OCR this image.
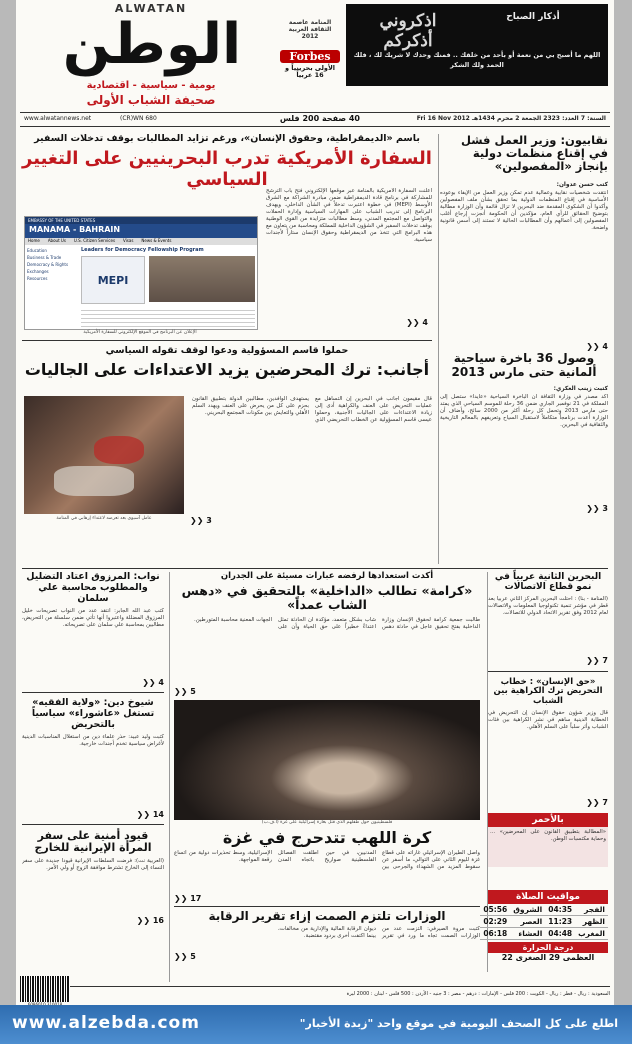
أذكار الصباح
اذكروني أذكركم
اللهم ما أصبح بي من نعمة أو بأحد من خلقك .. فمنك وحدك لا شريك لك ، فلك الحمد ولك الشكر
المنامة عاصمة الثقافة العربية 2012
Forbes
الأولى بحرينياً و 16 عربياً
ALWATAN
الوطن
يومية - سياسية - اقتصادية
صحيفة الشباب الأولى
السنة: 7 العدد: 2323 الجمعة 2 محرم 1434هـ Fri 16 Nov 2012
40 صفحة 200 فلس
(CR)WN 680
www.alwatannews.net
نقابيون: وزير العمل فشل في إقناع منظمات دولية بإنجاز «المفصولين»
كتب حسن عدوان:
انتقدت شخصيات نقابية وعمالية عدم تمكن وزير العمل من الإيفاء بوعوده الأساسية في إقناع المنظمات الدولية بما تحقق بشأن ملف المفصولين وأكدوا أن الشكوى المقدمة ضد البحرين لا تزال قائمة وأن الوزارة مطالبة بتوضيح الحقائق للرأي العام، مؤكدين أن الحكومة أنجزت إرجاع أغلب المفصولين إلى أعمالهم وأن المطالبات الحالية لا تستند إلى أسس قانونية واضحة.
4 ❮❮
باسم «الديمقراطية، وحقوق الإنسان»، ورغم تزايد المطالبات بوقف تدخلات السفير
السفارة الأمريكية تدرب البحرينيين على التغيير السياسي
أعلنت السفارة الأمريكية بالمنامة عبر موقعها الإلكتروني فتح باب الترشح للمشاركة في برنامج قادة الديمقراطية ضمن مبادرة الشراكة مع الشرق الأوسط (MEPI) في خطوة اعتبرت تدخلاً في الشأن الداخلي. ويهدف البرنامج إلى تدريب الشباب على المهارات السياسية وإدارة الحملات والتواصل مع المجتمع المدني، وسط مطالبات متزايدة من القوى الوطنية بوقف تدخلات السفير في الشؤون الداخلية للمملكة ومحاسبة من يتعاون مع هذه البرامج التي تتخذ من الديمقراطية وحقوق الإنسان ستاراً لأجندات سياسية.
EMBASSY OF THE UNITED STATES
MANAMA - BAHRAIN
Home About Us U.S. Citizen Services Visas News & Events
Education
Business & Trade
Democracy & Rights
Exchanges
Resources
Leaders for Democracy Fellowship Program
MEPI
الإعلان عن البرنامج في الموقع الإلكتروني للسفارة الأمريكية
4 ❮❮
وصول 36 باخرة سياحية ألمانية حتى مارس 2013
كتبت زينب العكري:
أكد مصدر في وزارة الثقافة أن الباخرة السياحية «عايدا» ستصل إلى المملكة في 21 نوفمبر الجاري ضمن 36 رحلة للموسم السياحي الذي يمتد حتى مارس 2013 وتحمل كل رحلة أكثر من 2000 سائح، وأضاف أن الوزارة أعدت برنامجاً متكاملاً لاستقبال السياح وتعريفهم بالمعالم التاريخية والثقافية في البحرين.
3 ❮❮
حملوا قاسم المسؤولية ودعوا لوقف تقوله السياسي
أجانب: ترك المحرضين يزيد الاعتداءات على الجاليات
قال مقيمون أجانب في البحرين إن التساهل مع عمليات التحريض على العنف والكراهية أدى إلى زيادة الاعتداءات على الجاليات الأجنبية، وحملوا عيسى قاسم المسؤولية عن الخطاب التحريضي الذي يستهدف الوافدين، مطالبين الدولة بتطبيق القانون بحزم على كل من يحرض على العنف ويهدد السلم الأهلي والتعايش بين مكونات المجتمع البحريني.
عامل آسيوي بعد تعرضه لاعتداء إرهابي في المنامة	3 ❮❮
البحرين الثانية عربياً في نمو قطاع الاتصالات
(المنامة - بنا) : احتلت البحرين المركز الثاني عربياً بعد قطر في مؤشر تنمية تكنولوجيا المعلومات والاتصالات لعام 2012 وفق تقرير الاتحاد الدولي للاتصالات.
7 ❮❮
«حق الإنسان» : خطاب التحريض ترك الكراهية بين الشباب
قال وزير شؤون حقوق الإنسان إن التحريض في الخطابة الدينية ساهم في نشر الكراهية بين فئات الشباب وأثر سلباً على السلم الأهلي.
7 ❮❮
بالأحمر
«المطالبة بتطبيق القانون على المحرضين» ... وحماية مكتسبات الوطن.
مواقيت الصلاة
الفجر	04:35	الشروق	05:56
الظهر	11:23	العصر	02:29
المغرب	04:48	العشاء	06:18
درجة الحرارة
العظمى 29 الصغرى 22
أكدت استعدادها لرفضه عبارات مسيئة على الجدران
«كرامة» تطالب «الداخلية» بالتحقيق في «دهس الشاب عمداً»
طالبت جمعية كرامة لحقوق الإنسان وزارة الداخلية بفتح تحقيق عاجل في حادثة دهس شاب بشكل متعمد، مؤكدة أن الحادثة تمثل اعتداءً خطيراً على حق الحياة وأن على الجهات المعنية محاسبة المتورطين.
5 ❮❮
فلسطينيون حول طفلهم الذي قتل بغارة إسرائيلية على غزة (أ.ف.ب)
كرة اللهب تتدحرج في غزة
واصل الطيران الإسرائيلي غاراته على قطاع غزة لليوم الثاني على التوالي، ما أسفر عن سقوط المزيد من الشهداء والجرحى بين المدنيين، في حين أطلقت الفصائل الفلسطينية صواريخ باتجاه المدن الإسرائيلية، وسط تحذيرات دولية من اتساع رقعة المواجهة.
17 ❮❮
الوزارات تلتزم الصمت إزاء تقرير الرقابة
كتبت مروة الصيرفي: التزمت عدد من الوزارات الصمت تجاه ما ورد في تقرير ديوان الرقابة المالية والإدارية من مخالفات، بينما اكتفت أخرى بردود مقتضبة.
5 ❮❮
نواب: المرزوق اعتاد التضليل والمطلوب محاسبة علي سلمان
كتب عبد الله الجابر: انتقد عدد من النواب تصريحات خليل المرزوق المضللة واعتبروا أنها تأتي ضمن سلسلة من التحريض، مطالبين بمحاسبة علي سلمان على تصريحاته.
4 ❮❮
شيوخ دين: «ولاية الفقيه» تستغل «عاشوراء» سياسياً بالتحريض
كتبت وليد عبيد: حذر علماء دين من استغلال المناسبات الدينية لأغراض سياسية تخدم أجندات خارجية.
14 ❮❮
قيود أمنية على سفر المرأة الإيرانية للخارج
(العربية نت): فرضت السلطات الإيرانية قيوداً جديدة على سفر النساء إلى الخارج تشترط موافقة الزوج أو ولي الأمر.
16 ❮❮
السعودية : ريال - قطر : ريال - الكويت : 200 فلس - الإمارات : درهم - مصر : 3 جنيه - الأردن : 500 فلس - لبنان : 2000 ليرة
6086010 310018
www.alzebda.com	اطلع على كل الصحف اليومية في موقع واحد "زبدة الأخبار"
